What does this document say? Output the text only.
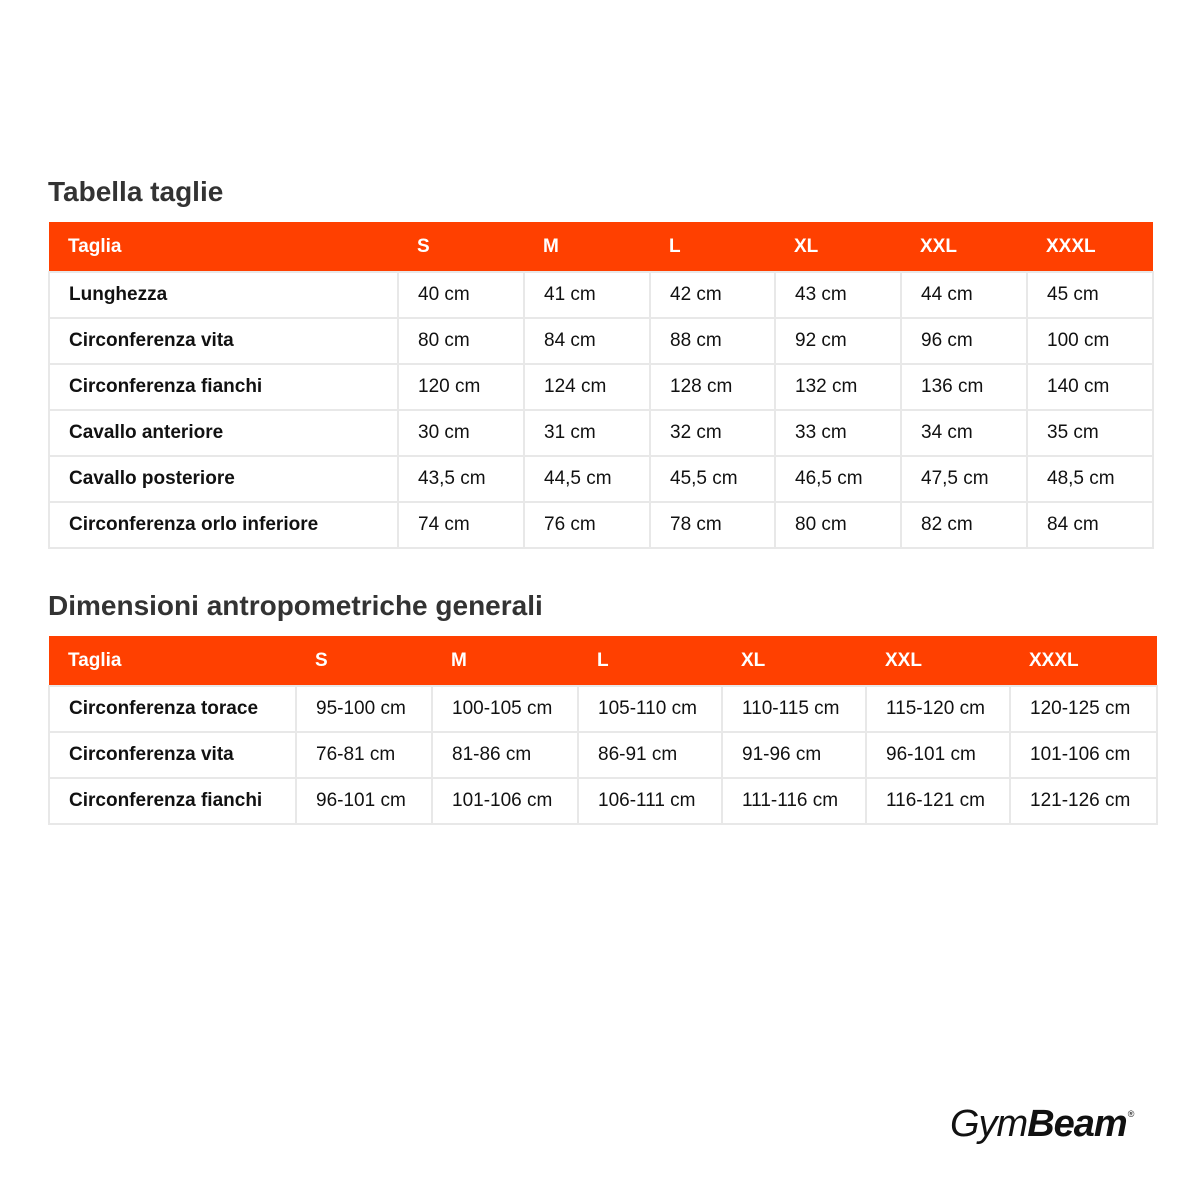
Tabella taglie
Taglia	S	M	L	XL	XXL	XXXL
Lunghezza	40 cm	41 cm	42 cm	43 cm	44 cm	45 cm
Circonferenza vita	80 cm	84 cm	88 cm	92 cm	96 cm	100 cm
Circonferenza fianchi	120 cm	124 cm	128 cm	132 cm	136 cm	140 cm
Cavallo anteriore	30 cm	31 cm	32 cm	33 cm	34 cm	35 cm
Cavallo posteriore	43,5 cm	44,5 cm	45,5 cm	46,5 cm	47,5 cm	48,5 cm
Circonferenza orlo inferiore	74 cm	76 cm	78 cm	80 cm	82 cm	84 cm
Dimensioni antropometriche generali
Taglia	S	M	L	XL	XXL	XXXL
Circonferenza torace	95-100 cm	100-105 cm	105-110 cm	110-115 cm	115-120 cm	120-125 cm
Circonferenza vita	76-81 cm	81-86 cm	86-91 cm	91-96 cm	96-101 cm	101-106 cm
Circonferenza fianchi	96-101 cm	101-106 cm	106-111 cm	111-116 cm	116-121 cm	121-126 cm
GymBeam®
